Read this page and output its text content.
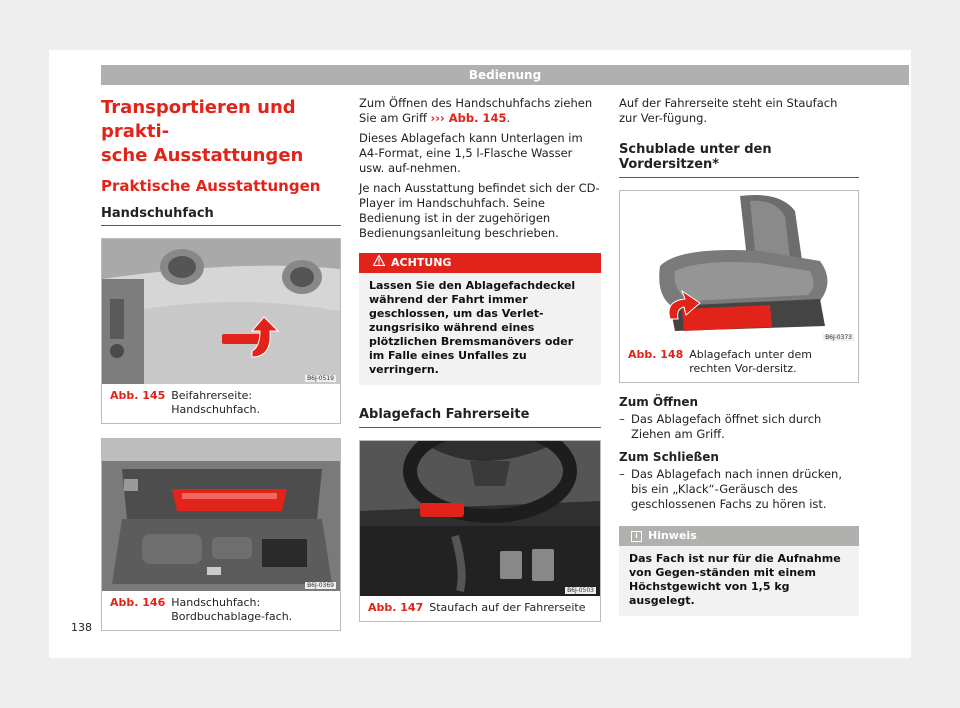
Bedienung
Transportieren und prakti-
sche Ausstattungen
Praktische Ausstattungen
Handschuhfach
B6J-0519
Abb. 145 Beifahrerseite: Handschuhfach.
B6J-0369
Abb. 146 Handschuhfach: Bordbuchablage-fach.

Zum Öffnen des Handschuhfachs ziehen Sie am Griff ››› Abb. 145.

Dieses Ablagefach kann Unterlagen im A4-Format, eine 1,5 l-Flasche Wasser usw. auf-nehmen.

Je nach Ausstattung befindet sich der CD-Player im Handschuhfach. Seine Bedienung ist in der zugehörigen Bedienungsanleitung beschrieben.

ACHTUNG
Lassen Sie den Ablagefachdeckel während der Fahrt immer geschlossen, um das Verlet-zungsrisiko während eines plötzlichen Bremsmanövers oder im Falle eines Unfalles zu verringern.
Ablagefach Fahrerseite
B6J-0503
Abb. 147 Staufach auf der Fahrerseite

Auf der Fahrerseite steht ein Staufach zur Ver-fügung.

Schublade unter den Vordersitzen*
B6J-0373
Abb. 148 Ablagefach unter dem rechten Vor-dersitz.
Zum Öffnen
– Das Ablagefach öffnet sich durch Ziehen am Griff.
Zum Schließen
– Das Ablagefach nach innen drücken, bis ein „Klack“-Geräusch des geschlossenen Fachs zu hören ist.
i Hinweis
Das Fach ist nur für die Aufnahme von Gegen-ständen mit einem Höchstgewicht von 1,5 kg ausgelegt.
138
